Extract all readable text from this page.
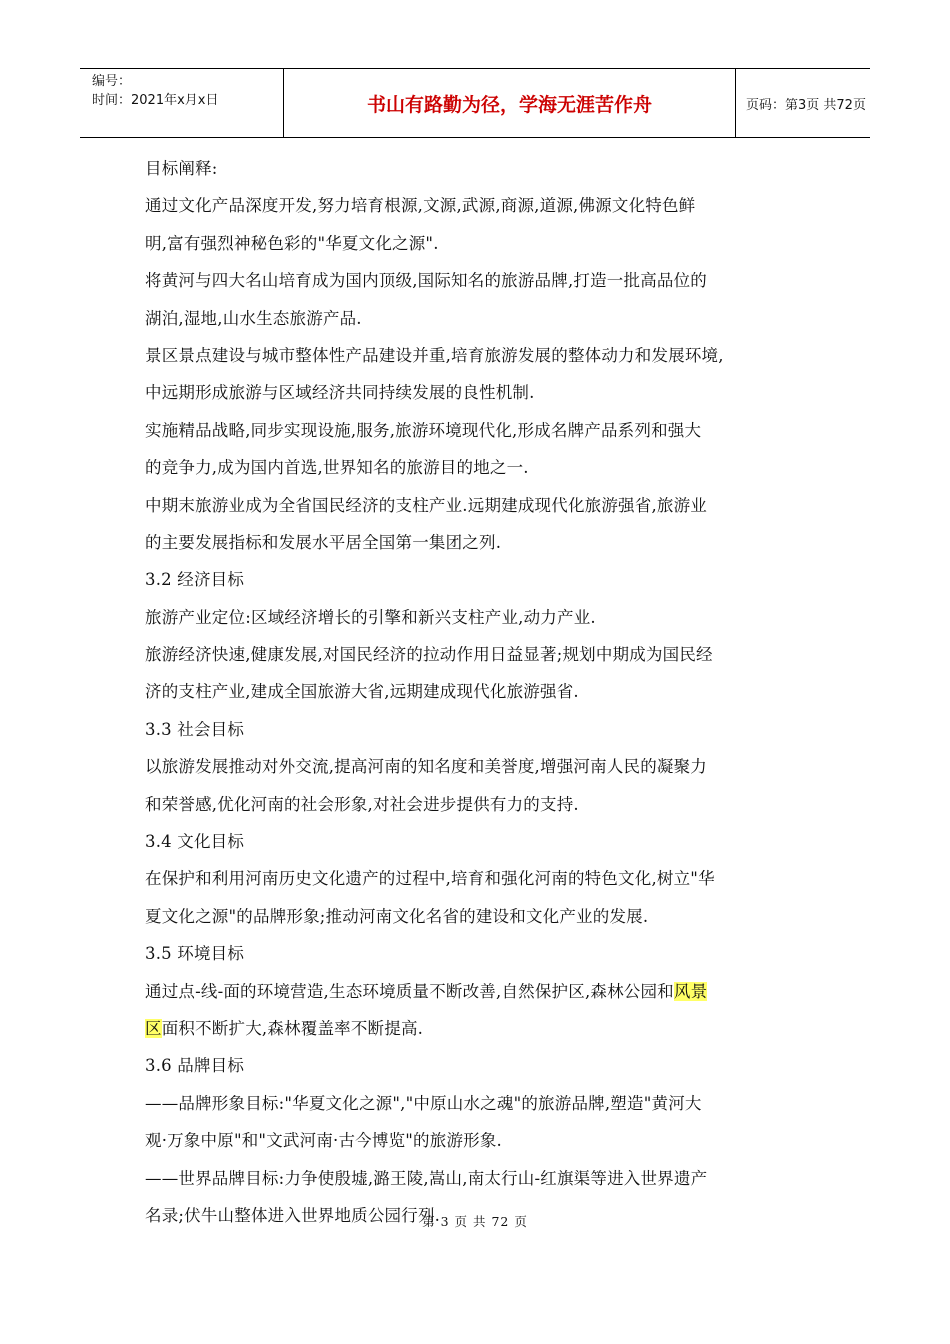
编号：
时间：2021年x月x日	书山有路勤为径，学海无涯苦作舟	页码：第3页 共72页
目标阐释:
通过文化产品深度开发,努力培育根源,文源,武源,商源,道源,佛源文化特色鲜
明,富有强烈神秘色彩的"华夏文化之源".
将黄河与四大名山培育成为国内顶级,国际知名的旅游品牌,打造一批高品位的
湖泊,湿地,山水生态旅游产品.
景区景点建设与城市整体性产品建设并重,培育旅游发展的整体动力和发展环境,
中远期形成旅游与区域经济共同持续发展的良性机制.
实施精品战略,同步实现设施,服务,旅游环境现代化,形成名牌产品系列和强大
的竞争力,成为国内首选,世界知名的旅游目的地之一.
中期末旅游业成为全省国民经济的支柱产业.远期建成现代化旅游强省,旅游业
的主要发展指标和发展水平居全国第一集团之列.
3.2 经济目标
旅游产业定位:区域经济增长的引擎和新兴支柱产业,动力产业.
旅游经济快速,健康发展,对国民经济的拉动作用日益显著;规划中期成为国民经
济的支柱产业,建成全国旅游大省,远期建成现代化旅游强省.
3.3 社会目标
以旅游发展推动对外交流,提高河南的知名度和美誉度,增强河南人民的凝聚力
和荣誉感,优化河南的社会形象,对社会进步提供有力的支持.
3.4 文化目标
在保护和利用河南历史文化遗产的过程中,培育和强化河南的特色文化,树立"华
夏文化之源"的品牌形象;推动河南文化名省的建设和文化产业的发展.
3.5 环境目标
通过点-线-面的环境营造,生态环境质量不断改善,自然保护区,森林公园和风景
区面积不断扩大,森林覆盖率不断提高.
3.6 品牌目标
——品牌形象目标:"华夏文化之源","中原山水之魂"的旅游品牌,塑造"黄河大
观·万象中原"和"文武河南·古今博览"的旅游形象.
——世界品牌目标:力争使殷墟,潞王陵,嵩山,南太行山-红旗渠等进入世界遗产
名录;伏牛山整体进入世界地质公园行列.
第 3 页 共 72 页
